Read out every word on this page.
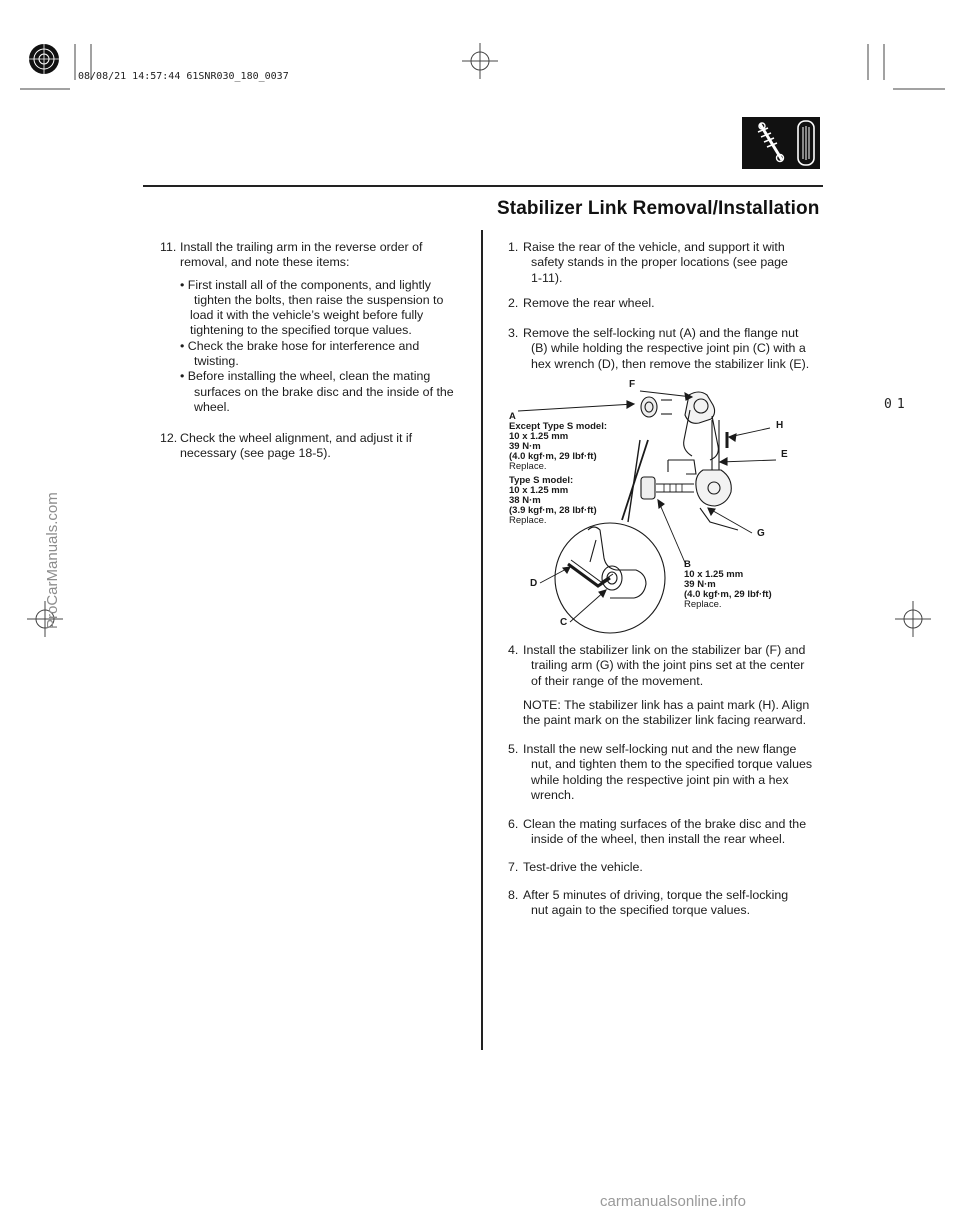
08/08/21 14:57:44 61SNR030_180_0037
Stabilizer Link Removal/Installation
11. Install the trailing arm in the reverse order of
removal, and note these items:
• First install all of the components, and lightly
tighten the bolts, then raise the suspension to
load it with the vehicle’s weight before fully
tightening to the specified torque values.
• Check the brake hose for interference and
twisting.
• Before installing the wheel, clean the mating
surfaces on the brake disc and the inside of the
wheel.
12. Check the wheel alignment, and adjust it if
necessary (see page 18-5).
1. Raise the rear of the vehicle, and support it with
safety stands in the proper locations (see page
1-11).
2. Remove the rear wheel.
3. Remove the self-locking nut (A) and the flange nut
(B) while holding the respective joint pin (C) with a
hex wrench (D), then remove the stabilizer link (E).
F
H
E
G
D
C
A
Except Type S model:
10 x 1.25 mm
39 N·m
(4.0 kgf·m, 29 lbf·ft)
Replace.
Type S model:
10 x 1.25 mm
38 N·m
(3.9 kgf·m, 28 lbf·ft)
Replace.
B
10 x 1.25 mm
39 N·m
(4.0 kgf·m, 29 lbf·ft)
Replace.
4. Install the stabilizer link on the stabilizer bar (F) and
trailing arm (G) with the joint pins set at the center
of their range of the movement.
NOTE: The stabilizer link has a paint mark (H). Align
the paint mark on the stabilizer link facing rearward.
5. Install the new self-locking nut and the new flange
nut, and tighten them to the specified torque values
while holding the respective joint pin with a hex
wrench.
6. Clean the mating surfaces of the brake disc and the
inside of the wheel, then install the rear wheel.
7. Test-drive the vehicle.
8. After 5 minutes of driving, torque the self-locking
nut again to the specified torque values.
01
ProCarManuals.com
carmanualsonline.info
